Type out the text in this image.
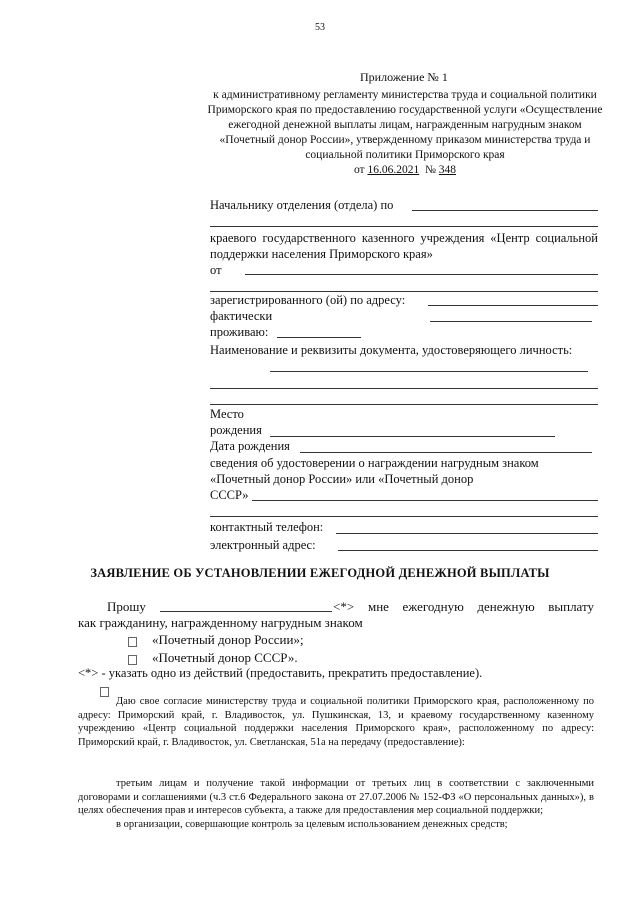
53
Приложение № 1

к административному регламенту министерства труда и социальной политики Приморского края по предоставлению государственной услуги «Осуществление ежегодной денежной выплаты лицам, награжденным нагрудным знаком «Почетный донор России», утвержденному приказом министерства труда и социальной политики Приморского края

от 16.06.2021 № 348

Начальнику отделения (отдела) по
краевого государственного казенного учреждения «Центр социальной поддержки населения Приморского края»
от
зарегистрированного (ой) по адресу:
фактически
проживаю:
Наименование и реквизиты документа, удостоверяющего личность:
Место
рождения
Дата рождения
сведения об удостоверении о награждении нагрудным знаком
«Почетный донор России» или «Почетный донор
СССР»
контактный телефон:
электронный адрес:
ЗАЯВЛЕНИЕ ОБ УСТАНОВЛЕНИИ ЕЖЕГОДНОЙ ДЕНЕЖНОЙ ВЫПЛАТЫ
Прошу	<*> мне ежегодную денежную выплату
как гражданину, награжденному нагрудным знаком
«Почетный донор России»;
«Почетный донор СССР».
<*> - указать одно из действий (предоставить, прекратить предоставление).
Даю свое согласие министерству труда и социальной политики Приморского края, расположенному по адресу: Приморский край, г. Владивосток, ул. Пушкинская, 13, и краевому государственному казенному учреждению «Центр социальной поддержки населения Приморского края», расположенному по адресу: Приморский край, г. Владивосток, ул. Светланская, 51а на передачу (предоставление):
третьим лицам и получение такой информации от третьих лиц в соответствии с заключенными договорами и соглашениями (ч.3 ст.6 Федерального закона от 27.07.2006 № 152-ФЗ «О персональных данных»), в целях обеспечения прав и интересов субъекта, а также для предоставления мер социальной поддержки;
в организации, совершающие контроль за целевым использованием денежных средств;
